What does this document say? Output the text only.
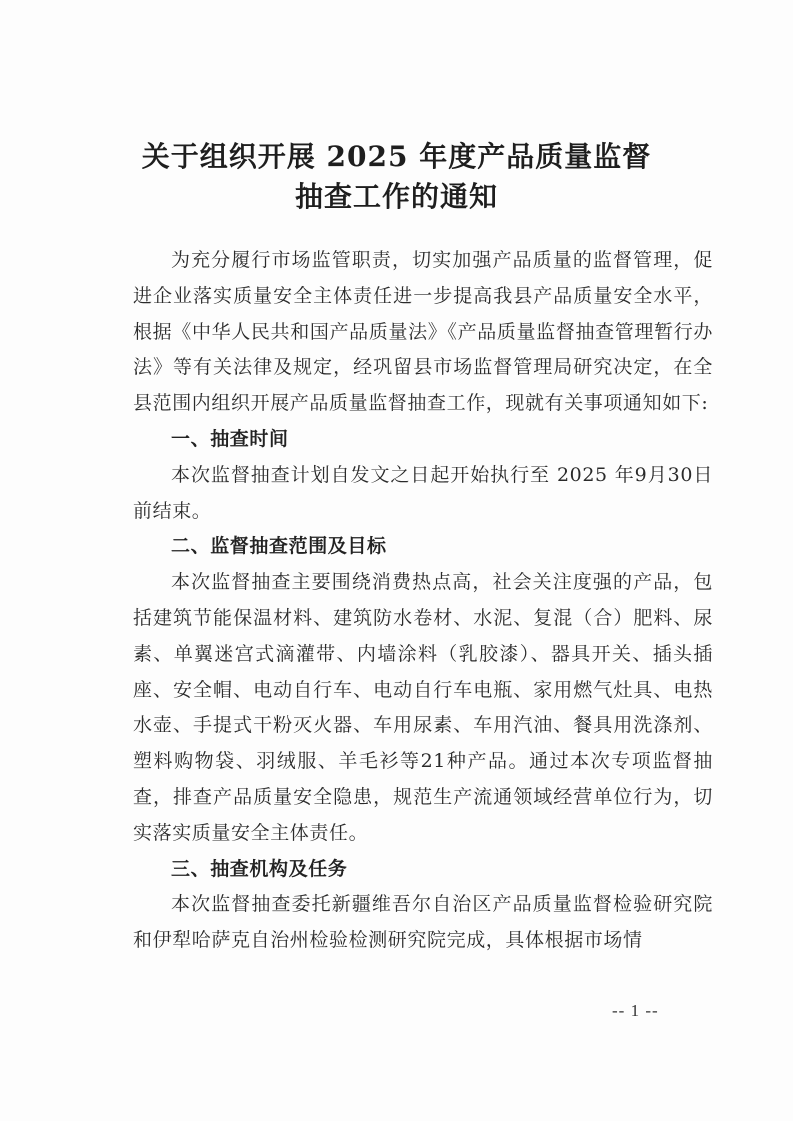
关于组织开展 2025 年度产品质量监督
抽查工作的通知

为充分履行市场监管职责，切实加强产品质量的监督管理，促进企业落实质量安全主体责任进一步提高我县产品质量安全水平，根据《中华人民共和国产品质量法》《产品质量监督抽查管理暂行办法》等有关法律及规定，经巩留县市场监督管理局研究决定，在全县范围内组织开展产品质量监督抽查工作，现就有关事项通知如下:

一、抽查时间

本次监督抽查计划自发文之日起开始执行至 2025 年9月30日前结束。

二、监督抽查范围及目标

本次监督抽查主要围绕消费热点高，社会关注度强的产品，包括建筑节能保温材料、建筑防水卷材、水泥、复混（合）肥料、尿素、单翼迷宫式滴灌带、内墙涂料（乳胶漆）、器具开关、插头插座、安全帽、电动自行车、电动自行车电瓶、家用燃气灶具、电热水壶、手提式干粉灭火器、车用尿素、车用汽油、餐具用洗涤剂、塑料购物袋、羽绒服、羊毛衫等21种产品。通过本次专项监督抽查，排查产品质量安全隐患，规范生产流通领域经营单位行为，切实落实质量安全主体责任。

三、抽查机构及任务

本次监督抽查委托新疆维吾尔自治区产品质量监督检验研究院和伊犁哈萨克自治州检验检测研究院完成，具体根据市场情

-- 1 --
